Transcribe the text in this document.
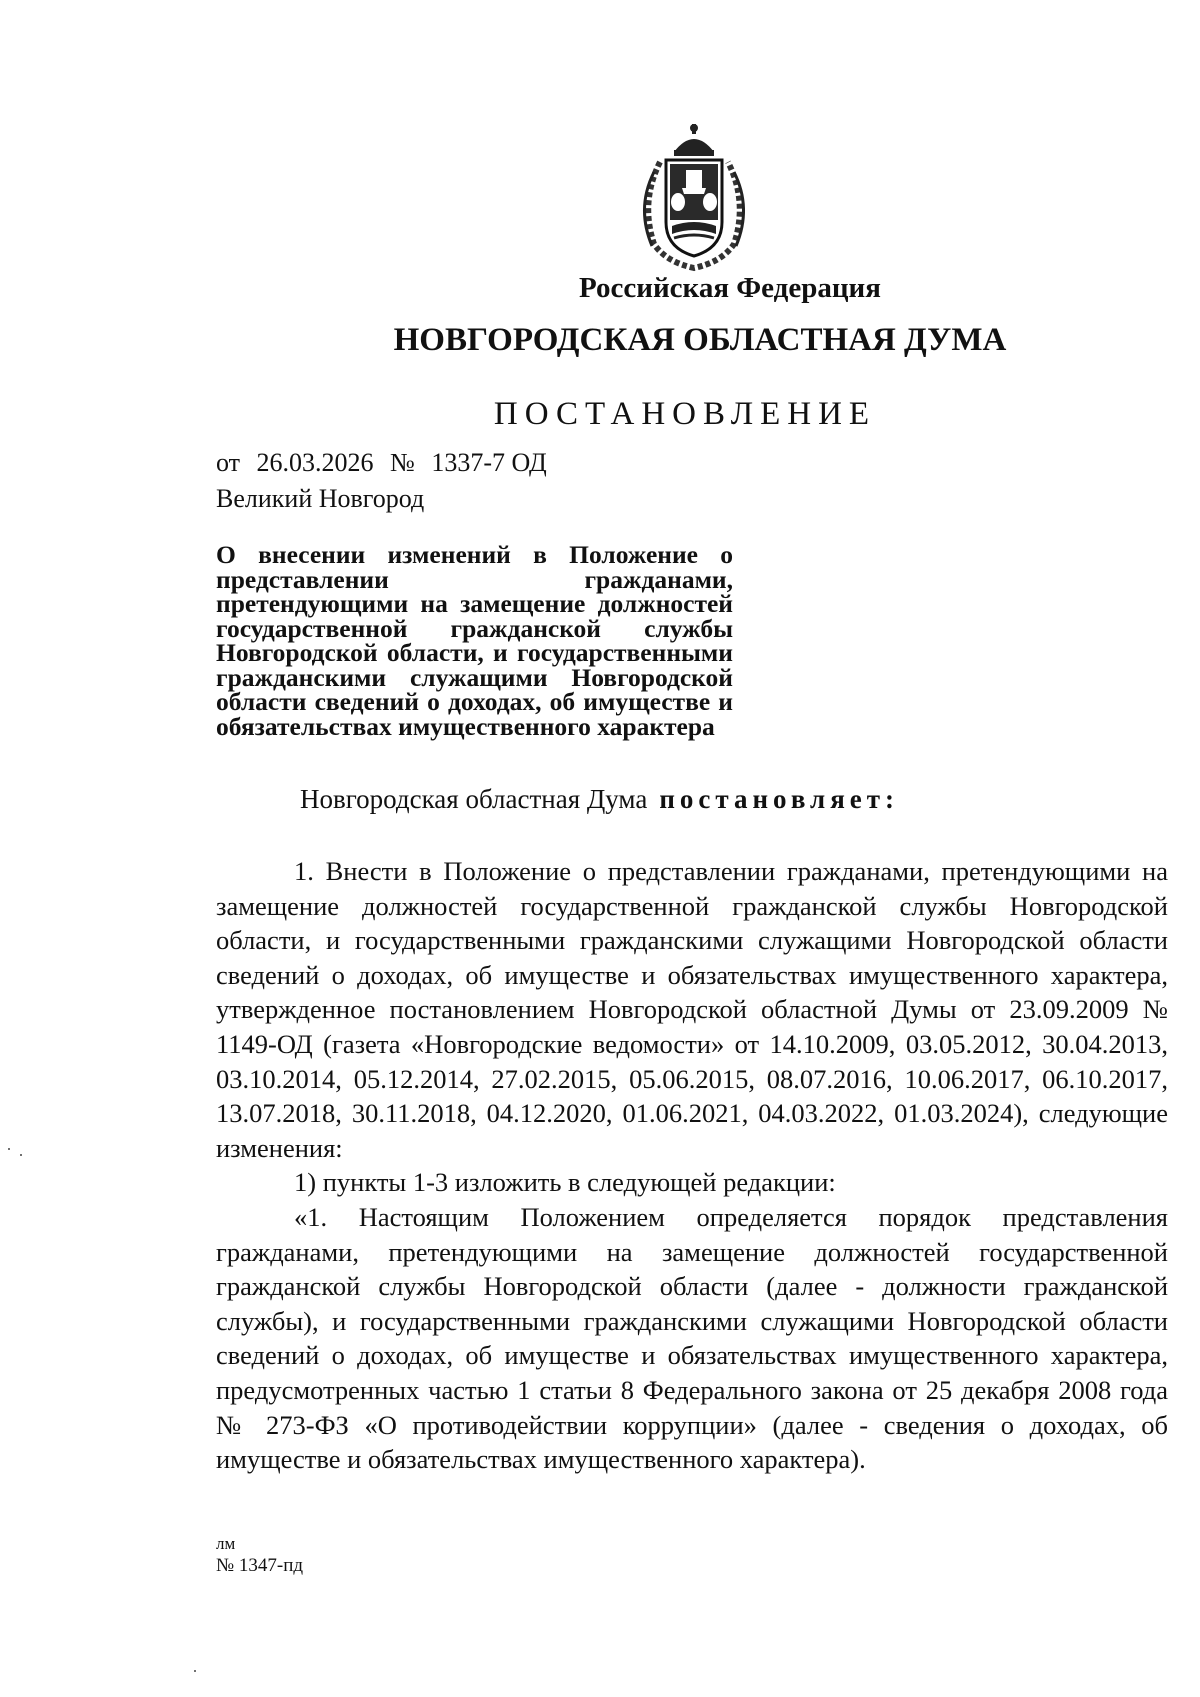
Российская Федерация

НОВГОРОДСКАЯ ОБЛАСТНАЯ ДУМА

ПОСТАНОВЛЕНИЕ

от 26.03.2026 № 1337-7 ОД
Великий Новгород

О внесении изменений в Положение о представлении гражданами, претендующими на замещение должностей государственной гражданской службы Новгородской области, и государственными гражданскими служащими Новгородской области сведений о доходах, об имуществе и обязательствах имущественного характера

Новгородская областная Дума постановляет:

1. Внести в Положение о представлении гражданами, претендующими на замещение должностей государственной гражданской службы Новгородской области, и государственными гражданскими служащими Новгородской области сведений о доходах, об имуществе и обязательствах имущественного характера, утвержденное постановлением Новгородской областной Думы от 23.09.2009 № 1149-ОД (газета «Новгородские ведомости» от 14.10.2009, 03.05.2012, 30.04.2013, 03.10.2014, 05.12.2014, 27.02.2015, 05.06.2015, 08.07.2016, 10.06.2017, 06.10.2017, 13.07.2018, 30.11.2018, 04.12.2020, 01.06.2021, 04.03.2022, 01.03.2024), следующие изменения:

1) пункты 1-3 изложить в следующей редакции:

«1. Настоящим Положением определяется порядок представления гражданами, претендующими на замещение должностей государственной гражданской службы Новгородской области (далее - должности гражданской службы), и государственными гражданскими служащими Новгородской области сведений о доходах, об имуществе и обязательствах имущественного характера, предусмотренных частью 1 статьи 8 Федерального закона от 25 декабря 2008 года № 273-ФЗ «О противодействии коррупции» (далее - сведения о доходах, об имуществе и обязательствах имущественного характера).

лм
№ 1347-пд
